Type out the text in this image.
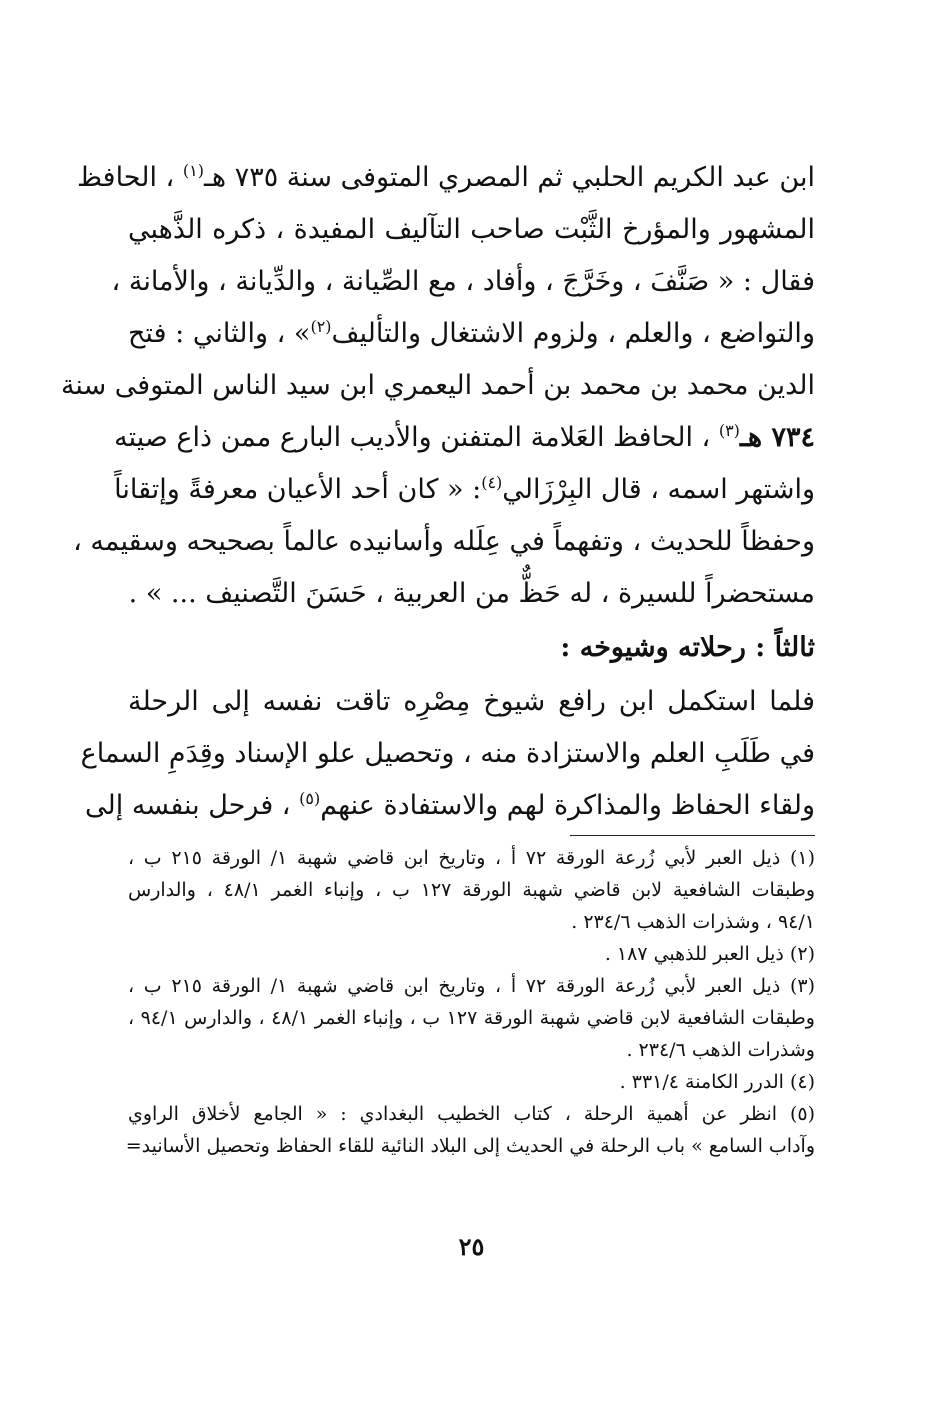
ابن عبد الكريم الحلبي ثم المصري المتوفى سنة ٧٣٥ هـ$^{(١)}$ ، الحافظ
المشهور والمؤرخ الثَّبْت صاحب التآليف المفيدة ، ذكره الذَّهبي
فقال : « صَنَّفَ ، وخَرَّجَ ، وأفاد ، مع الصِّيانة ، والدِّيانة ، والأمانة ،
والتواضع ، والعلم ، ولزوم الاشتغال والتأليف$^{(٢)}$» ، والثاني : فتح
الدين محمد بن محمد بن أحمد اليعمري ابن سيد الناس المتوفى سنة
٧٣٤ هـ$^{(٣)}$ ، الحافظ العَلامة المتفنن والأديب البارع ممن ذاع صيته
واشتهر اسمه ، قال البِرْزَالي$^{(٤)}$: « كان أحد الأعيان معرفةً وإتقاناً
وحفظاً للحديث ، وتفهماً في عِلَله وأسانيده عالماً بصحيحه وسقيمه ،
مستحضراً للسيرة ، له حَظٌّ من العربية ، حَسَنَ التَّصنيف ... » .
ثالثاً : رحلاته وشيوخه :
فلما استكمل ابن رافع شيوخ مِصْرِه تاقت نفسه إلى الرحلة
في طَلَبِ العلم والاستزادة منه ، وتحصيل علو الإسناد وقِدَمِ السماع
ولقاء الحفاظ والمذاكرة لهم والاستفادة عنهم$^{(٥)}$ ، فرحل بنفسه إلى
(١) ذيل العبر لأبي زُرعة الورقة ٧٢ أ ، وتاريخ ابن قاضي شهبة ١/ الورقة ٢١٥ ب ،
وطبقات الشافعية لابن قاضي شهبة الورقة ١٢٧ ب ، وإنباء الغمر ٤٨/١ ، والدارس
٩٤/١ ، وشذرات الذهب ٢٣٤/٦ .
(٢) ذيل العبر للذهبي ١٨٧ .
(٣) ذيل العبر لأبي زُرعة الورقة ٧٢ أ ، وتاريخ ابن قاضي شهبة ١/ الورقة ٢١٥ ب ،
وطبقات الشافعية لابن قاضي شهبة الورقة ١٢٧ ب ، وإنباء الغمر ٤٨/١ ، والدارس ٩٤/١ ،
وشذرات الذهب ٢٣٤/٦ .
(٤) الدرر الكامنة ٣٣١/٤ .
(٥) انظر عن أهمية الرحلة ، كتاب الخطيب البغدادي : « الجامع لأخلاق الراوي
وآداب السامع » باب الرحلة في الحديث إلى البلاد النائية للقاء الحفاظ وتحصيل الأسانيد=
٢٥
